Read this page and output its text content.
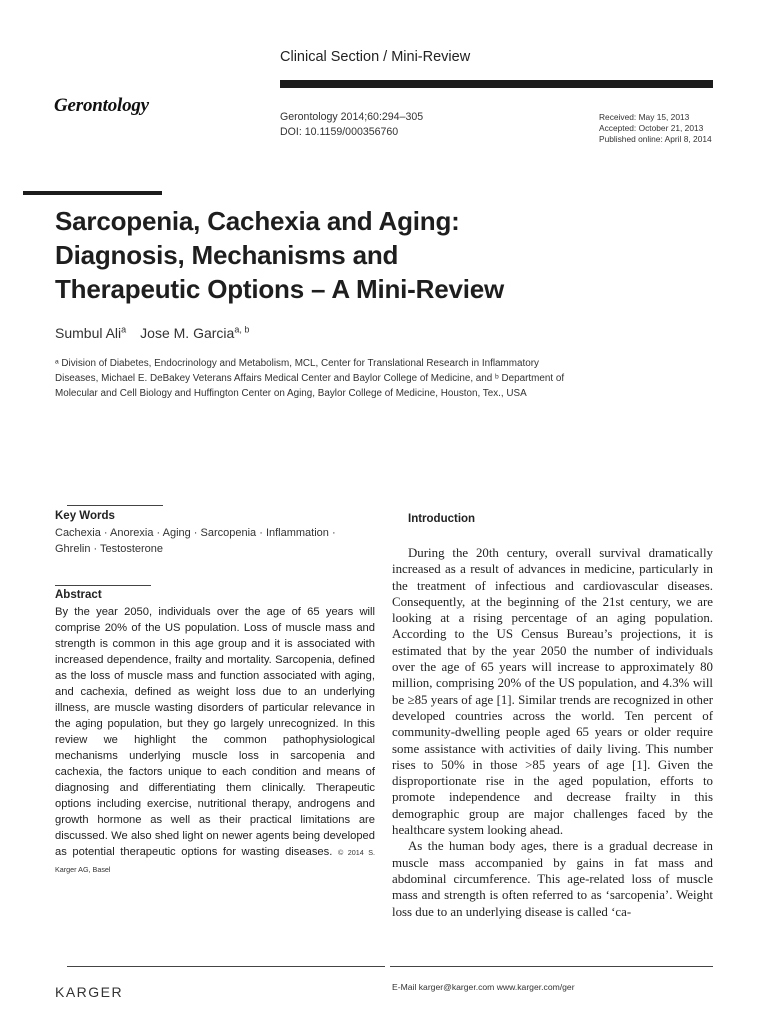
Clinical Section / Mini-Review
Gerontology
Gerontology 2014;60:294–305
DOI: 10.1159/000356760
Received: May 15, 2013
Accepted: October 21, 2013
Published online: April 8, 2014
Sarcopenia, Cachexia and Aging:
Diagnosis, Mechanisms and
Therapeutic Options – A Mini-Review
Sumbul Ali$^a$ Jose M. Garcia$^{a, b}$
ᵃ Division of Diabetes, Endocrinology and Metabolism, MCL, Center for Translational Research in Inflammatory
Diseases, Michael E. DeBakey Veterans Affairs Medical Center and Baylor College of Medicine, and ᵇ Department of
Molecular and Cell Biology and Huffington Center on Aging, Baylor College of Medicine, Houston, Tex., USA
Key Words
Cachexia · Anorexia · Aging · Sarcopenia · Inflammation ·
Ghrelin · Testosterone
Abstract
By the year 2050, individuals over the age of 65 years will comprise 20% of the US population. Loss of muscle mass and strength is common in this age group and it is associated with increased dependence, frailty and mortality. Sarcopenia, defined as the loss of muscle mass and function associated with aging, and cachexia, defined as weight loss due to an underlying illness, are muscle wasting disorders of particular relevance in the aging population, but they go largely unrecognized. In this review we highlight the common pathophysiological mechanisms underlying muscle loss in sarcopenia and cachexia, the factors unique to each condition and means of diagnosing and differentiating them clinically. Therapeutic options including exercise, nutritional therapy, androgens and growth hormone as well as their practical limitations are discussed. We also shed light on newer agents being developed as potential therapeutic options for wasting diseases. © 2014 S. Karger AG, Basel
Introduction

During the 20th century, overall survival dramatically increased as a result of advances in medicine, particularly in the treatment of infectious and cardiovascular diseases. Consequently, at the beginning of the 21st century, we are looking at a rising percentage of an aging population. According to the US Census Bureau’s projections, it is estimated that by the year 2050 the number of individuals over the age of 65 years will increase to approximately 80 million, comprising 20% of the US population, and 4.3% will be ≥85 years of age [1]. Similar trends are recognized in other developed countries across the world. Ten percent of community-dwelling people aged 65 years or older require some assistance with activities of daily living. This number rises to 50% in those >85 years of age [1]. Given the disproportionate rise in the aged population, efforts to promote independence and decrease frailty in this demographic group are major challenges faced by the healthcare system looking ahead.

As the human body ages, there is a gradual decrease in muscle mass accompanied by gains in fat mass and abdominal circumference. This age-related loss of muscle mass and strength is often referred to as ‘sarcopenia’. Weight loss due to an underlying disease is called ‘ca-

KARGER	E-Mail karger@karger.com www.karger.com/ger
